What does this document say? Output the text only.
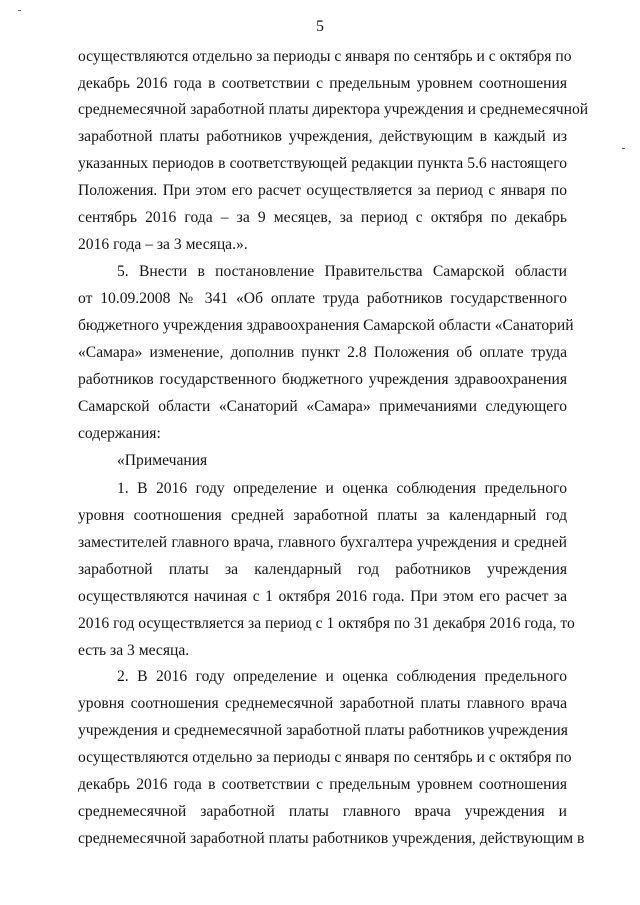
5
осуществляются отдельно за периоды с января по сентябрь и с октября по
декабрь 2016 года в соответствии с предельным уровнем соотношения
среднемесячной заработной платы директора учреждения и среднемесячной
заработной платы работников учреждения, действующим в каждый из
указанных периодов в соответствующей редакции пункта 5.6 настоящего
Положения. При этом его расчет осуществляется за период с января по
сентябрь 2016 года – за 9 месяцев, за период с октября по декабрь
2016 года – за 3 месяца.».
5. Внести в постановление Правительства Самарской области
от 10.09.2008 № 341 «Об оплате труда работников государственного
бюджетного учреждения здравоохранения Самарской области «Санаторий
«Самара» изменение, дополнив пункт 2.8 Положения об оплате труда
работников государственного бюджетного учреждения здравоохранения
Самарской области «Санаторий «Самара» примечаниями следующего
содержания:
«Примечания
1. В 2016 году определение и оценка соблюдения предельного
уровня соотношения средней заработной платы за календарный год
заместителей главного врача, главного бухгалтера учреждения и средней
заработной платы за календарный год работников учреждения
осуществляются начиная с 1 октября 2016 года. При этом его расчет за
2016 год осуществляется за период с 1 октября по 31 декабря 2016 года, то
есть за 3 месяца.
2. В 2016 году определение и оценка соблюдения предельного
уровня соотношения среднемесячной заработной платы главного врача
учреждения и среднемесячной заработной платы работников учреждения
осуществляются отдельно за периоды с января по сентябрь и с октября по
декабрь 2016 года в соответствии с предельным уровнем соотношения
среднемесячной заработной платы главного врача учреждения и
среднемесячной заработной платы работников учреждения, действующим в
